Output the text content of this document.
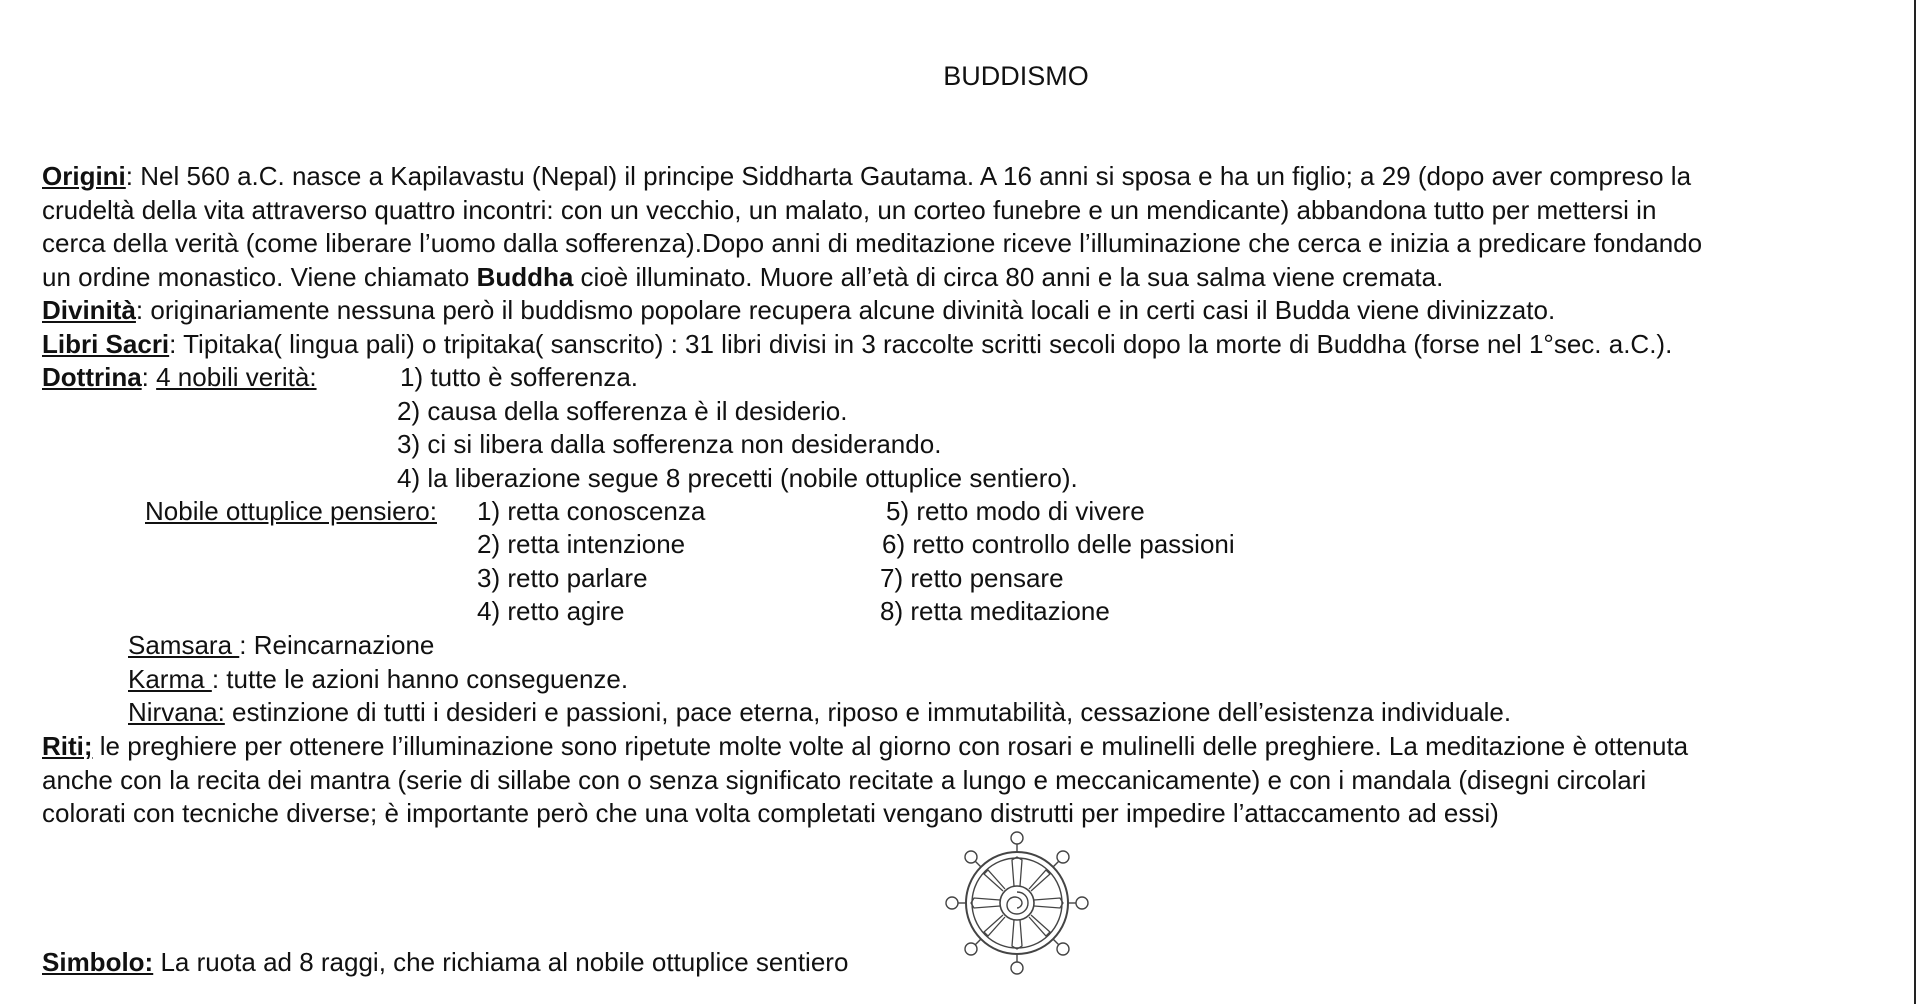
BUDDISMO
Origini: Nel 560 a.C. nasce a Kapilavastu (Nepal) il principe Siddharta Gautama. A 16 anni si sposa e ha un figlio; a 29 (dopo aver compreso la
crudeltà della vita attraverso quattro incontri: con un vecchio, un malato, un corteo funebre e un mendicante) abbandona tutto per mettersi in
cerca della verità (come liberare l’uomo dalla sofferenza).Dopo anni di meditazione riceve l’illuminazione che cerca e inizia a predicare fondando
un ordine monastico. Viene chiamato Buddha cioè illuminato. Muore all’età di circa 80 anni e la sua salma viene cremata.
Divinità: originariamente nessuna però il buddismo popolare recupera alcune divinità locali e in certi casi il Budda viene divinizzato.
Libri Sacri: Tipitaka( lingua pali) o tripitaka( sanscrito) : 31 libri divisi in 3 raccolte scritti secoli dopo la morte di Buddha (forse nel 1°sec. a.C.).
Dottrina: 4 nobili verità:	1) tutto è sofferenza.
2) causa della sofferenza è il desiderio.
3) ci si libera dalla sofferenza non desiderando.
4) la liberazione segue 8 precetti (nobile ottuplice sentiero).
Nobile ottuplice pensiero: 1) retta conoscenza
2) retta intenzione
3) retto parlare
4) retto agire
5) retto modo di vivere
6) retto controllo delle passioni
7) retto pensare
8) retta meditazione
Samsara : Reincarnazione
Karma : tutte le azioni hanno conseguenze.
Nirvana: estinzione di tutti i desideri e passioni, pace eterna, riposo e immutabilità, cessazione dell’esistenza individuale.
Riti; le preghiere per ottenere l’illuminazione sono ripetute molte volte al giorno con rosari e mulinelli delle preghiere. La meditazione è ottenuta
anche con la recita dei mantra (serie di sillabe con o senza significato recitate a lungo e meccanicamente) e con i mandala (disegni circolari
colorati con tecniche diverse; è importante però che una volta completati vengano distrutti per impedire l’attaccamento ad essi)
Simbolo: La ruota ad 8 raggi, che richiama al nobile ottuplice sentiero
